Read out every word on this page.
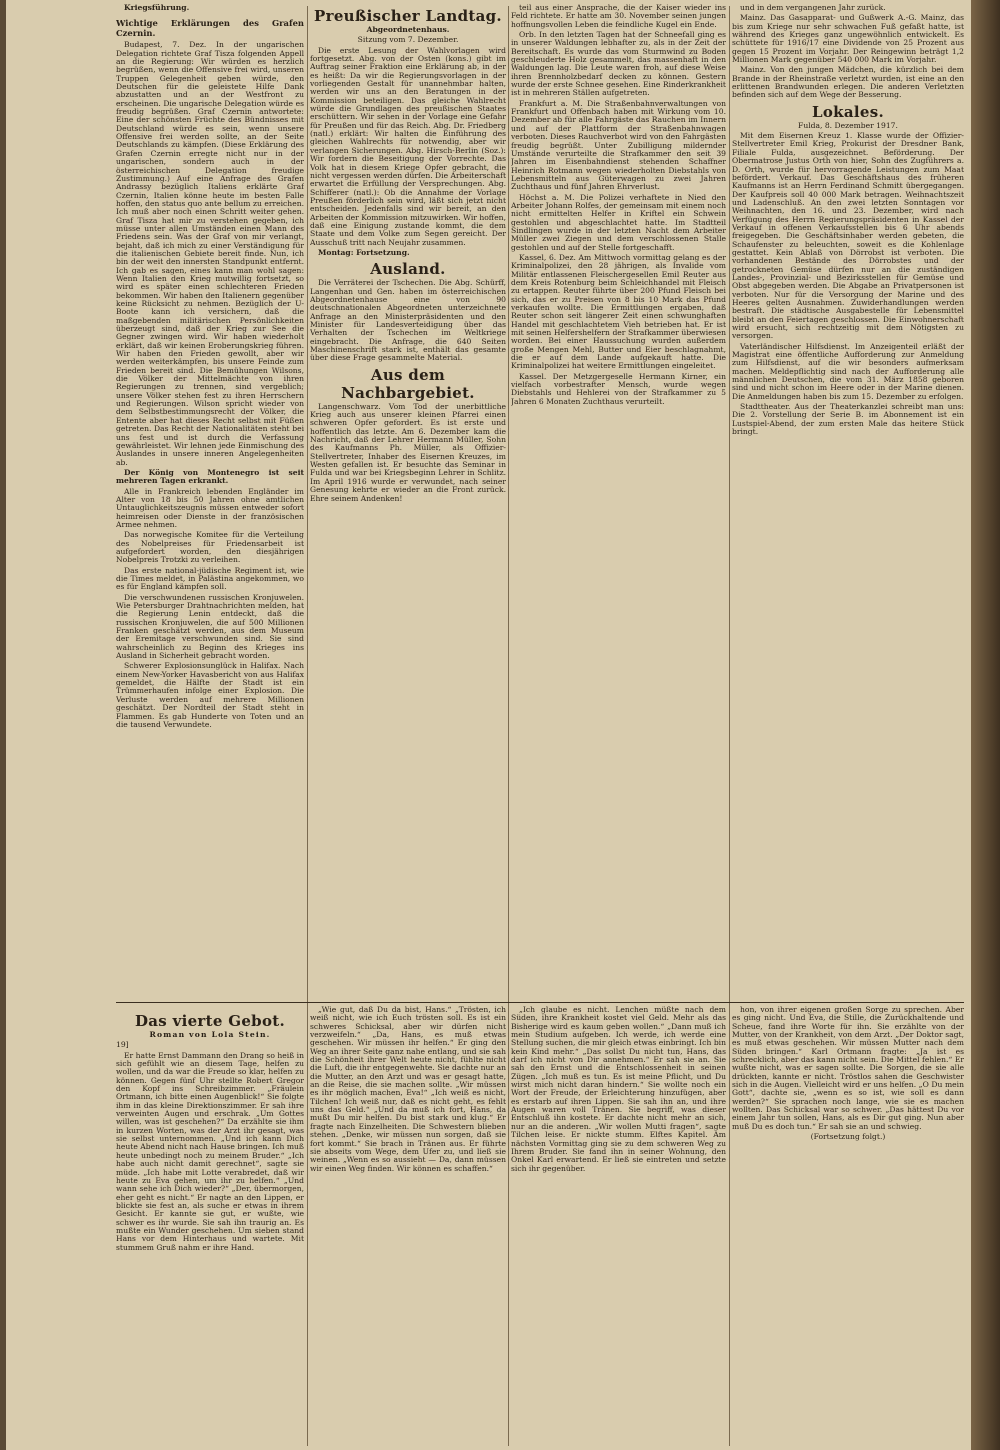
Kriegsführung.

Wichtige Erklärungen des Grafen Czernin.

Budapest, 7. Dez. In der ungarischen Delegation richtete Graf Tisza folgenden Appell an die Regierung: Wir würden es herzlich begrüßen, wenn die Offensive frei wird, unseren Truppen Gelegenheit geben würde, den Deutschen für die geleistete Hilfe Dank abzustatten und an der Westfront zu erscheinen. Die ungarische Delegation würde es freudig begrüßen. Graf Czernin antwortete: Eine der schönsten Früchte des Bündnisses mit Deutschland würde es sein, wenn unsere Offensive frei werden sollte, an der Seite Deutschlands zu kämpfen. (Diese Erklärung des Grafen Czernin erregte nicht nur in der ungarischen, sondern auch in der österreichischen Delegation freudige Zustimmung.) Auf eine Anfrage des Grafen Andrassy bezüglich Italiens erklärte Graf Czernin, Italien könne heute im besten Falle hoffen, den status quo ante bellum zu erreichen. Ich muß aber noch einen Schritt weiter gehen. Graf Tisza hat mir zu verstehen gegeben, ich müsse unter allen Umständen einen Mann des Friedens sein. Was der Graf von mir verlangt, bejaht, daß ich mich zu einer Verständigung für die italienischen Gebiete bereit finde. Nun, ich bin der weit den innersten Standpunkt entfernt. Ich gab es sagen, eines kann man wohl sagen: Wenn Italien den Krieg mutwillig fortsetzt, so wird es später einen schlechteren Frieden bekommen. Wir haben den Italienern gegenüber keine Rücksicht zu nehmen. Bezüglich der U-Boote kann ich versichern, daß die maßgebenden militärischen Persönlichkeiten überzeugt sind, daß der Krieg zur See die Gegner zwingen wird. Wir haben wiederholt erklärt, daß wir keinen Eroberungskrieg führen. Wir haben den Frieden gewollt, aber wir werden weiterkämpfen, bis unsere Feinde zum Frieden bereit sind. Die Bemühungen Wilsons, die Völker der Mittelmächte von ihren Regierungen zu trennen, sind vergeblich; unsere Völker stehen fest zu ihren Herrschern und Regierungen. Wilson spricht wieder von dem Selbstbestimmungsrecht der Völker, die Entente aber hat dieses Recht selbst mit Füßen getreten. Das Recht der Nationalitäten steht bei uns fest und ist durch die Verfassung gewährleistet. Wir lehnen jede Einmischung des Auslandes in unsere inneren Angelegenheiten ab.

Der König von Montenegro ist seit mehreren Tagen erkrankt.

Alle in Frankreich lebenden Engländer im Alter von 18 bis 50 Jahren ohne amtlichen Untauglichkeitszeugnis müssen entweder sofort heimreisen oder Dienste in der französischen Armee nehmen.

Das norwegische Komitee für die Verteilung des Nobelpreises für Friedensarbeit ist aufgefordert worden, den diesjährigen Nobelpreis Trotzki zu verleihen.

Das erste national-jüdische Regiment ist, wie die Times meldet, in Palästina angekommen, wo es für England kämpfen soll.

Die verschwundenen russischen Kronjuwelen. Wie Petersburger Drahtnachrichten melden, hat die Regierung Lenin entdeckt, daß die russischen Kronjuwelen, die auf 500 Millionen Franken geschätzt werden, aus dem Museum der Eremitage verschwunden sind. Sie sind wahrscheinlich zu Beginn des Krieges ins Ausland in Sicherheit gebracht worden.

Schwerer Explosionsunglück in Halifax. Nach einem New-Yorker Havasbericht von aus Halifax gemeldet, die Hälfte der Stadt ist ein Trümmerhaufen infolge einer Explosion. Die Verluste werden auf mehrere Millionen geschätzt. Der Nordteil der Stadt steht in Flammen. Es gab Hunderte von Toten und an die tausend Verwundete.

Preußischer Landtag.
Abgeordnetenhaus.

Sitzung vom 7. Dezember.

Die erste Lesung der Wahlvorlagen wird fortgesetzt. Abg. von der Osten (kons.) gibt im Auftrag seiner Fraktion eine Erklärung ab, in der es heißt: Da wir die Regierungsvorlagen in der vorliegenden Gestalt für unannehmbar halten, werden wir uns an den Beratungen in der Kommission beteiligen. Das gleiche Wahlrecht würde die Grundlagen des preußischen Staates erschüttern. Wir sehen in der Vorlage eine Gefahr für Preußen und für das Reich. Abg. Dr. Friedberg (natl.) erklärt: Wir halten die Einführung des gleichen Wahlrechts für notwendig, aber wir verlangen Sicherungen. Abg. Hirsch-Berlin (Soz.): Wir fordern die Beseitigung der Vorrechte. Das Volk hat in diesem Kriege Opfer gebracht, die nicht vergessen werden dürfen. Die Arbeiterschaft erwartet die Erfüllung der Versprechungen. Abg. Schifferer (natl.): Ob die Annahme der Vorlage Preußen förderlich sein wird, läßt sich jetzt nicht entscheiden. Jedenfalls sind wir bereit, an den Arbeiten der Kommission mitzuwirken. Wir hoffen, daß eine Einigung zustande kommt, die dem Staate und dem Volke zum Segen gereicht. Der Ausschuß tritt nach Neujahr zusammen.

Montag: Fortsetzung.

Ausland.

Die Verräterei der Tschechen. Die Abg. Schürff, Langenhan und Gen. haben im österreichischen Abgeordnetenhause eine von 90 deutschnationalen Abgeordneten unterzeichnete Anfrage an den Ministerpräsidenten und den Minister für Landesverteidigung über das Verhalten der Tschechen im Weltkriege eingebracht. Die Anfrage, die 640 Seiten Maschinenschrift stark ist, enthält das gesamte über diese Frage gesammelte Material.

Aus dem Nachbargebiet.

Langenschwarz. Vom Tod der unerbittliche Krieg auch aus unserer kleinen Pfarrei einen schweren Opfer gefordert. Es ist erste und hoffentlich das letzte. Am 6. Dezember kam die Nachricht, daß der Lehrer Hermann Müller, Sohn des Kaufmanns Ph. Müller, als Offizier-Stellvertreter, Inhaber des Eisernen Kreuzes, im Westen gefallen ist. Er besuchte das Seminar in Fulda und war bei Kriegsbeginn Lehrer in Schlitz. Im April 1916 wurde er verwundet, nach seiner Genesung kehrte er wieder an die Front zurück. Ehre seinem Andenken!

teil aus einer Ansprache, die der Kaiser wieder ins Feld richtete. Er hatte am 30. November seinen jungen hoffnungsvollen Leben die feindliche Kugel ein Ende.

Orb. In den letzten Tagen hat der Schneefall ging es in unserer Waldungen lebhafter zu, als in der Zeit der Bereitschaft. Es wurde das vom Sturmwind zu Boden geschleuderte Holz gesammelt, das massenhaft in den Waldungen lag. Die Leute waren froh, auf diese Weise ihren Brennholzbedarf decken zu können. Gestern wurde der erste Schnee gesehen. Eine Rinderkrankheit ist in mehreren Ställen aufgetreten.

Frankfurt a. M. Die Straßenbahnverwaltungen von Frankfurt und Offenbach haben mit Wirkung vom 10. Dezember ab für alle Fahrgäste das Rauchen im Innern und auf der Plattform der Straßenbahnwagen verboten. Dieses Rauchverbot wird von den Fahrgästen freudig begrüßt. Unter Zubilligung mildernder Umstände verurteilte die Strafkammer den seit 39 Jahren im Eisenbahndienst stehenden Schaffner Heinrich Rotmann wegen wiederholten Diebstahls von Lebensmitteln aus Güterwagen zu zwei Jahren Zuchthaus und fünf Jahren Ehrverlust.

Höchst a. M. Die Polizei verhaftete in Nied den Arbeiter Johann Rolfes, der gemeinsam mit einem noch nicht ermittelten Helfer in Kriftel ein Schwein gestohlen und abgeschlachtet hatte. Im Stadtteil Sindlingen wurde in der letzten Nacht dem Arbeiter Müller zwei Ziegen und dem verschlossenen Stalle gestohlen und auf der Stelle fortgeschafft.

Kassel, 6. Dez. Am Mittwoch vormittag gelang es der Kriminalpolizei, den 28 jährigen, als Invalide vom Militär entlassenen Fleischergesellen Emil Reuter aus dem Kreis Rotenburg beim Schleichhandel mit Fleisch zu ertappen. Reuter führte über 200 Pfund Fleisch bei sich, das er zu Preisen von 8 bis 10 Mark das Pfund verkaufen wollte. Die Ermittlungen ergaben, daß Reuter schon seit längerer Zeit einen schwunghaften Handel mit geschlachtetem Vieh betrieben hat. Er ist mit seinen Helfershelfern der Strafkammer überwiesen worden. Bei einer Haussuchung wurden außerdem große Mengen Mehl, Butter und Eier beschlagnahmt, die er auf dem Lande aufgekauft hatte. Die Kriminalpolizei hat weitere Ermittlungen eingeleitet.

Kassel. Der Metzgergeselle Hermann Kirner, ein vielfach vorbestrafter Mensch, wurde wegen Diebstahls und Hehlerei von der Strafkammer zu 5 Jahren 6 Monaten Zuchthaus verurteilt.

und in dem vergangenen Jahr zurück.

Mainz. Das Gasapparat- und Gußwerk A.-G. Mainz, das bis zum Kriege nur sehr schwachen Fuß gefaßt hatte, ist während des Krieges ganz ungewöhnlich entwickelt. Es schüttete für 1916/17 eine Dividende von 25 Prozent aus gegen 15 Prozent im Vorjahr. Der Reingewinn beträgt 1,2 Millionen Mark gegenüber 540 000 Mark im Vorjahr.

Mainz. Von den jungen Mädchen, die kürzlich bei dem Brande in der Rheinstraße verletzt wurden, ist eine an den erlittenen Brandwunden erlegen. Die anderen Verletzten befinden sich auf dem Wege der Besserung.

Lokales.

Fulda, 8. Dezember 1917.

Mit dem Eisernen Kreuz 1. Klasse wurde der Offizier-Stellvertreter Emil Krieg, Prokurist der Dresdner Bank, Filiale Fulda, ausgezeichnet. Beförderung. Der Obermatrose Justus Orth von hier, Sohn des Zugführers a. D. Orth, wurde für hervorragende Leistungen zum Maat befördert. Verkauf. Das Geschäftshaus des früheren Kaufmanns ist an Herrn Ferdinand Schmitt übergegangen. Der Kaufpreis soll 40 000 Mark betragen. Weihnachtszeit und Ladenschluß. An den zwei letzten Sonntagen vor Weihnachten, den 16. und 23. Dezember, wird nach Verfügung des Herrn Regierungspräsidenten in Kassel der Verkauf in offenen Verkaufsstellen bis 6 Uhr abends freigegeben. Die Geschäftsinhaber werden gebeten, die Schaufenster zu beleuchten, soweit es die Kohlenlage gestattet. Kein Ablaß von Dörrobst ist verboten. Die vorhandenen Bestände des Dörrobstes und der getrockneten Gemüse dürfen nur an die zuständigen Landes-, Provinzial- und Bezirksstellen für Gemüse und Obst abgegeben werden. Die Abgabe an Privatpersonen ist verboten. Nur für die Versorgung der Marine und des Heeres gelten Ausnahmen. Zuwiderhandlungen werden bestraft. Die städtische Ausgabestelle für Lebensmittel bleibt an den Feiertagen geschlossen. Die Einwohnerschaft wird ersucht, sich rechtzeitig mit dem Nötigsten zu versorgen.

Vaterländischer Hilfsdienst. Im Anzeigenteil erläßt der Magistrat eine öffentliche Aufforderung zur Anmeldung zum Hilfsdienst, auf die wir besonders aufmerksam machen. Meldepflichtig sind nach der Aufforderung alle männlichen Deutschen, die vom 31. März 1858 geboren sind und nicht schon im Heere oder in der Marine dienen. Die Anmeldungen haben bis zum 15. Dezember zu erfolgen.

Stadttheater. Aus der Theaterkanzlei schreibt man uns: Die 2. Vorstellung der Serie B. im Abonnement ist ein Lustspiel-Abend, der zum ersten Male das heitere Stück bringt.

Das vierte Gebot.
Roman von Lola Stein.

19]

Er hatte Ernst Dammann den Drang so heiß in sich gefühlt wie an diesem Tage, helfen zu wollen, und da war die Freude so klar, helfen zu können. Gegen fünf Uhr stellte Robert Gregor den Kopf ins Schreibzimmer. „Fräulein Ortmann, ich bitte einen Augenblick!“ Sie folgte ihm in das kleine Direktionszimmer. Er sah ihre verweinten Augen und erschrak. „Um Gottes willen, was ist geschehen?“ Da erzählte sie ihm in kurzen Worten, was der Arzt ihr gesagt, was sie selbst unternommen. „Und ich kann Dich heute Abend nicht nach Hause bringen. Ich muß heute unbedingt noch zu meinem Bruder.“ „Ich habe auch nicht damit gerechnet“, sagte sie müde. „Ich habe mit Lotte verabredet, daß wir heute zu Eva gehen, um ihr zu helfen.“ „Und wann sehe ich Dich wieder?“ „Der, übermorgen, eher geht es nicht.“ Er nagte an den Lippen, er blickte sie fest an, als suche er etwas in ihrem Gesicht. Er kannte sie gut, er wußte, wie schwer es ihr wurde. Sie sah ihn traurig an. Es mußte ein Wunder geschehen. Um sieben stand Hans vor dem Hinterhaus und wartete. Mit stummem Gruß nahm er ihre Hand.

„Wie gut, daß Du da bist, Hans.“ „Trösten, ich weiß nicht, wie ich Euch trösten soll. Es ist ein schweres Schicksal, aber wir dürfen nicht verzweifeln.“ „Da, Hans, es muß etwas geschehen. Wir müssen ihr helfen.“ Er ging den Weg an ihrer Seite ganz nahe entlang, und sie sah die Schönheit ihrer Welt heute nicht, fühlte nicht die Luft, die ihr entgegenwehte. Sie dachte nur an die Mutter, an den Arzt und was er gesagt hatte, an die Reise, die sie machen sollte. „Wir müssen es ihr möglich machen, Eva!“ „Ich weiß es nicht, Tilchen! Ich weiß nur, daß es nicht geht, es fehlt uns das Geld.“ „Und da muß ich fort, Hans, da mußt Du mir helfen. Du bist stark und klug.“ Er fragte nach Einzelheiten. Die Schwestern blieben stehen. „Denke, wir müssen nun sorgen, daß sie fort kommt.“ Sie brach in Tränen aus. Er führte sie abseits vom Wege, dem Ufer zu, und ließ sie weinen. „Wenn es so aussieht — Da, dann müssen wir einen Weg finden. Wir können es schaffen.“

„Ich glaube es nicht. Lenchen müßte nach dem Süden, ihre Krankheit kostet viel Geld. Mehr als das Bisherige wird es kaum geben wollen.“ „Dann muß ich mein Studium aufgeben. Ich werde, ich werde eine Stellung suchen, die mir gleich etwas einbringt. Ich bin kein Kind mehr.“ „Das sollst Du nicht tun, Hans, das darf ich nicht von Dir annehmen.“ Er sah sie an. Sie sah den Ernst und die Entschlossenheit in seinen Zügen. „Ich muß es tun. Es ist meine Pflicht, und Du wirst mich nicht daran hindern.“ Sie wollte noch ein Wort der Freude, der Erleichterung hinzufügen, aber es erstarb auf ihren Lippen. Sie sah ihn an, und ihre Augen waren voll Tränen. Sie begriff, was dieser Entschluß ihn kostete. Er dachte nicht mehr an sich, nur an die anderen. „Wir wollen Mutti fragen“, sagte Tilchen leise. Er nickte stumm. Elftes Kapitel. Am nächsten Vormittag ging sie zu dem schweren Weg zu Ihrem Bruder. Sie fand ihn in seiner Wohnung, den Onkel Karl erwartend. Er ließ sie eintreten und setzte sich ihr gegenüber.

hon, von ihrer eigenen großen Sorge zu sprechen. Aber es ging nicht. Und Eva, die Stille, die Zurückhaltende und Scheue, fand ihre Worte für ihn. Sie erzählte von der Mutter, von der Krankheit, von dem Arzt. „Der Doktor sagt, es muß etwas geschehen. Wir müssen Mutter nach dem Süden bringen.“ Karl Ortmann fragte: „Ja ist es schrecklich, aber das kann nicht sein. Die Mittel fehlen.“ Er wußte nicht, was er sagen sollte. Die Sorgen, die sie alle drückten, kannte er nicht. Tröstlos sahen die Geschwister sich in die Augen. Vielleicht wird er uns helfen. „O Du mein Gott“, dachte sie, „wenn es so ist, wie soll es dann werden?“ Sie sprachen noch lange, wie sie es machen wollten. Das Schicksal war so schwer. „Das hättest Du vor einem Jahr tun sollen, Hans, als es Dir gut ging. Nun aber muß Du es doch tun.“ Er sah sie an und schwieg.

(Fortsetzung folgt.)
